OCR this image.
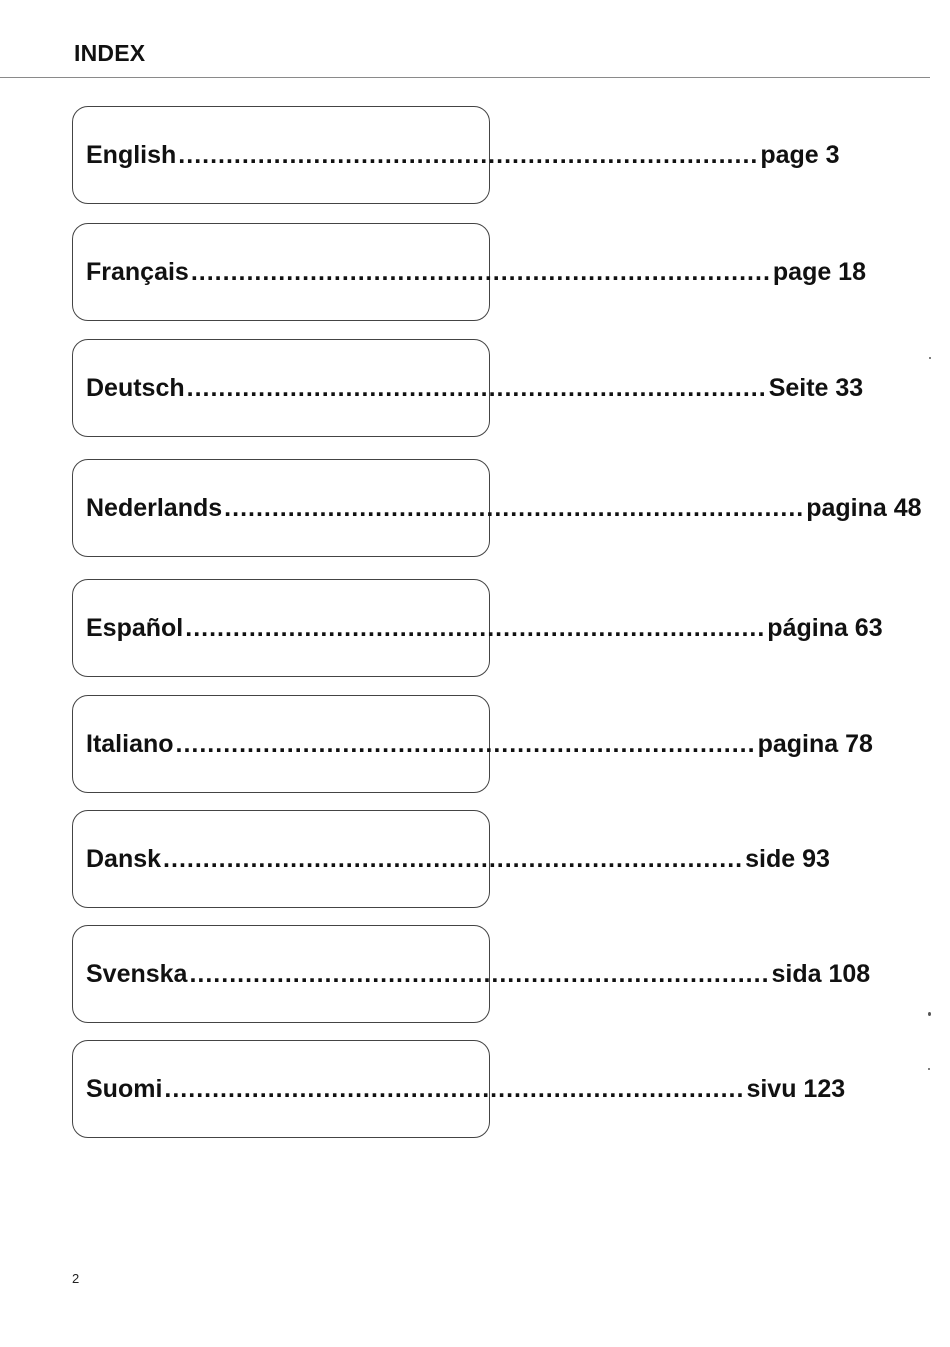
INDEX
English ......................................................................... page 3
Français ......................................................................... page 18
Deutsch ......................................................................... Seite 33
Nederlands ......................................................................... pagina 48
Español ......................................................................... página 63
Italiano ......................................................................... pagina 78
Dansk ......................................................................... side 93
Svenska ......................................................................... sida 108
Suomi ......................................................................... sivu 123
2
